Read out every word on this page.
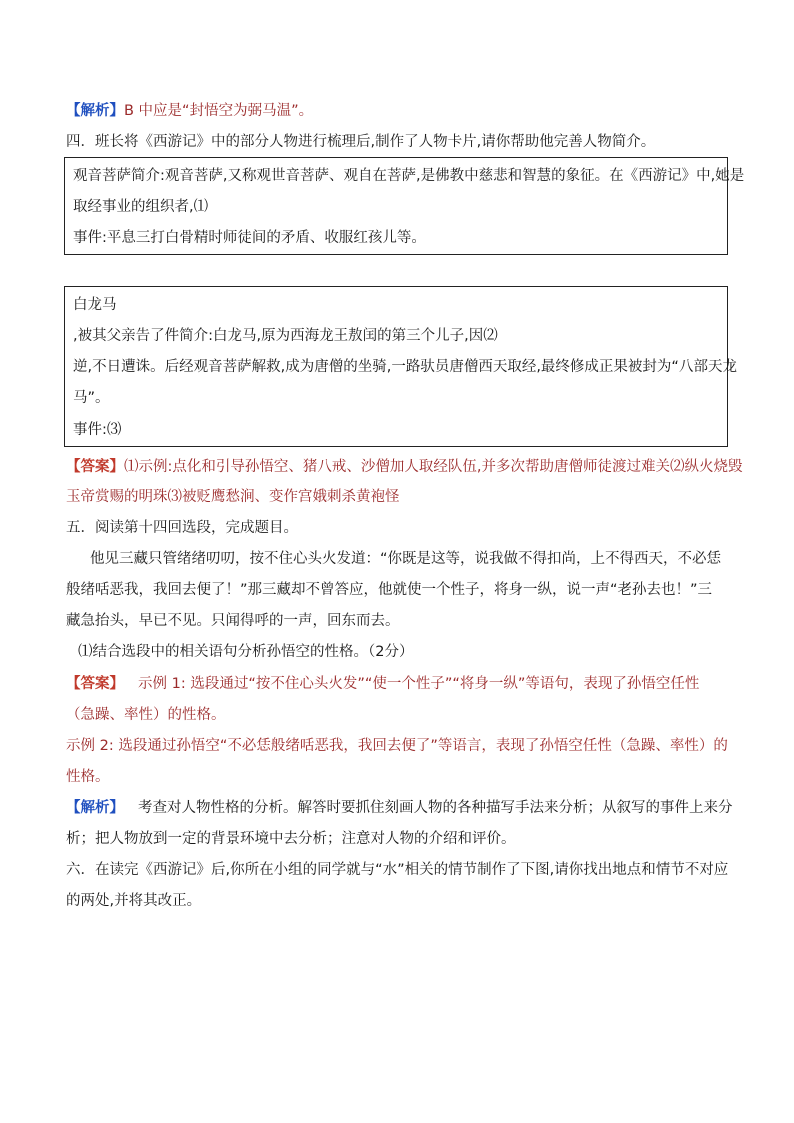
【解析】B 中应是“封悟空为弼马温”。
四．班长将《西游记》中的部分人物进行梳理后,制作了人物卡片,请你帮助他完善人物简介。
观音菩萨简介:观音菩萨,又称观世音菩萨、观自在菩萨,是佛教中慈悲和智慧的象征。在《西游记》中,她是
取经事业的组织者,⑴
事件:平息三打白骨精时师徒间的矛盾、收服红孩儿等。
白龙马
,被其父亲告了件简介:白龙马,原为西海龙王敖闰的第三个儿子,因⑵
逆,不日遭诛。后经观音菩萨解救,成为唐僧的坐骑,一路驮员唐僧西天取经,最终修成正果被封为“八部天龙
马”。
事件:⑶
【答案】⑴示例:点化和引导孙悟空、猪八戒、沙僧加人取经队伍,并多次帮助唐僧师徒渡过难关⑵纵火烧毁
玉帝赏赐的明珠⑶被贬鹰愁涧、变作宫娥刺杀黄袍怪
五．阅读第十四回选段，完成题目。
他见三藏只管绪绪叨叨，按不住心头火发道：“你既是这等，说我做不得扣尚，上不得西天，不必恁
般绪咶恶我，我回去便了！”那三藏却不曾答应，他就使一个性子，将身一纵，说一声“老孙去也！”三
藏急抬头，早已不见。只闻得呼的一声，回东而去。
⑴结合选段中的相关语句分析孙悟空的性格。（2分）
【答案】 示例 1: 选段通过“按不住心头火发”“使一个性子”“将身一纵”等语句，表现了孙悟空任性
（急躁、率性）的性格。
示例 2: 选段通过孙悟空“不必恁般绪咶恶我，我回去便了”等语言，表现了孙悟空任性（急躁、率性）的
性格。
【解析】 考查对人物性格的分析。解答时要抓住刻画人物的各种描写手法来分析；从叙写的事件上来分
析；把人物放到一定的背景环境中去分析；注意对人物的介绍和评价。
六．在读完《西游记》后,你所在小组的同学就与“水”相关的情节制作了下图,请你找出地点和情节不对应
的两处,并将其改正。
